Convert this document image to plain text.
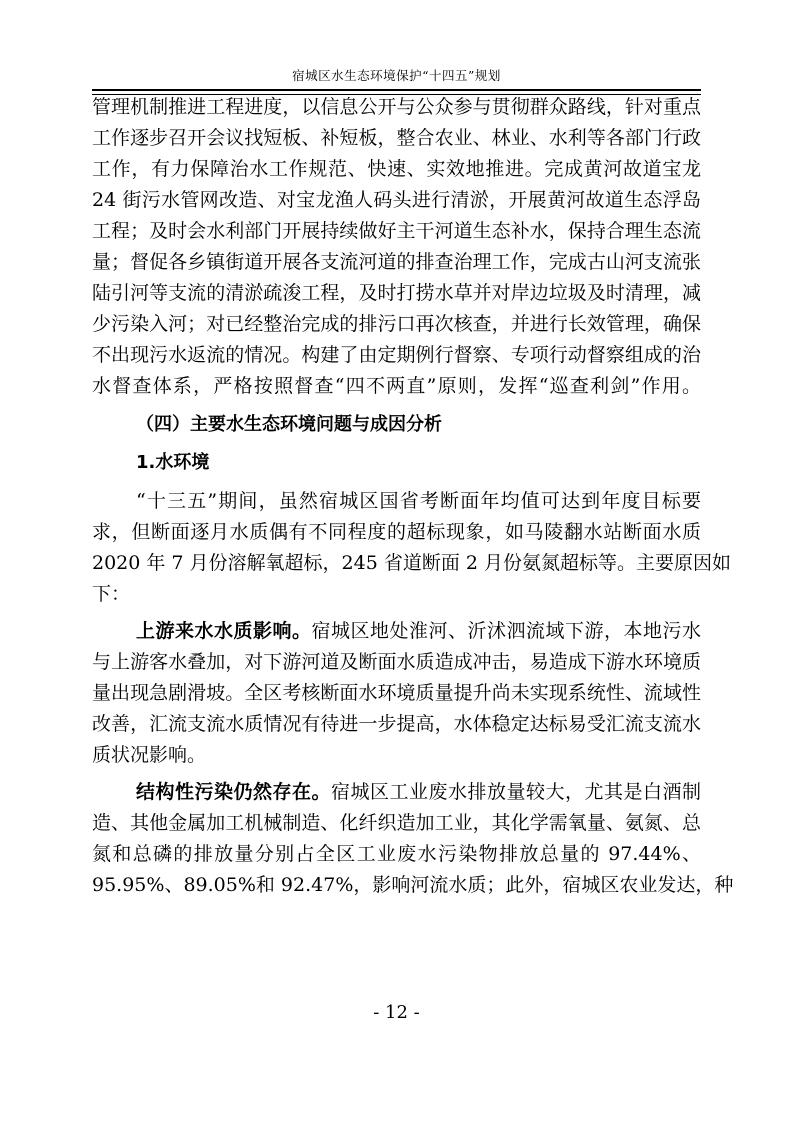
宿城区水生态环境保护“十四五”规划
管理机制推进工程进度，以信息公开与公众参与贯彻群众路线，针对重点
工作逐步召开会议找短板、补短板，整合农业、林业、水利等各部门行政
工作，有力保障治水工作规范、快速、实效地推进。完成黄河故道宝龙
24 街污水管网改造、对宝龙渔人码头进行清淤，开展黄河故道生态浮岛
工程；及时会水利部门开展持续做好主干河道生态补水，保持合理生态流
量；督促各乡镇街道开展各支流河道的排查治理工作，完成古山河支流张
陆引河等支流的清淤疏浚工程，及时打捞水草并对岸边垃圾及时清理，减
少污染入河；对已经整治完成的排污口再次核查，并进行长效管理，确保
不出现污水返流的情况。构建了由定期例行督察、专项行动督察组成的治
水督查体系，严格按照督查“四不两直”原则，发挥“巡查利剑”作用。
（四）主要水生态环境问题与成因分析
1.水环境
“十三五”期间，虽然宿城区国省考断面年均值可达到年度目标要
求，但断面逐月水质偶有不同程度的超标现象，如马陵翻水站断面水质
2020 年 7 月份溶解氧超标，245 省道断面 2 月份氨氮超标等。主要原因如
下：
上游来水水质影响。宿城区地处淮河、沂沭泗流域下游，本地污水
与上游客水叠加，对下游河道及断面水质造成冲击，易造成下游水环境质
量出现急剧滑坡。全区考核断面水环境质量提升尚未实现系统性、流域性
改善，汇流支流水质情况有待进一步提高，水体稳定达标易受汇流支流水
质状况影响。
结构性污染仍然存在。宿城区工业废水排放量较大，尤其是白酒制
造、其他金属加工机械制造、化纤织造加工业，其化学需氧量、氨氮、总
氮和总磷的排放量分别占全区工业废水污染物排放总量的 97.44%、
95.95%、89.05%和 92.47%，影响河流水质；此外，宿城区农业发达，种
- 12 -
